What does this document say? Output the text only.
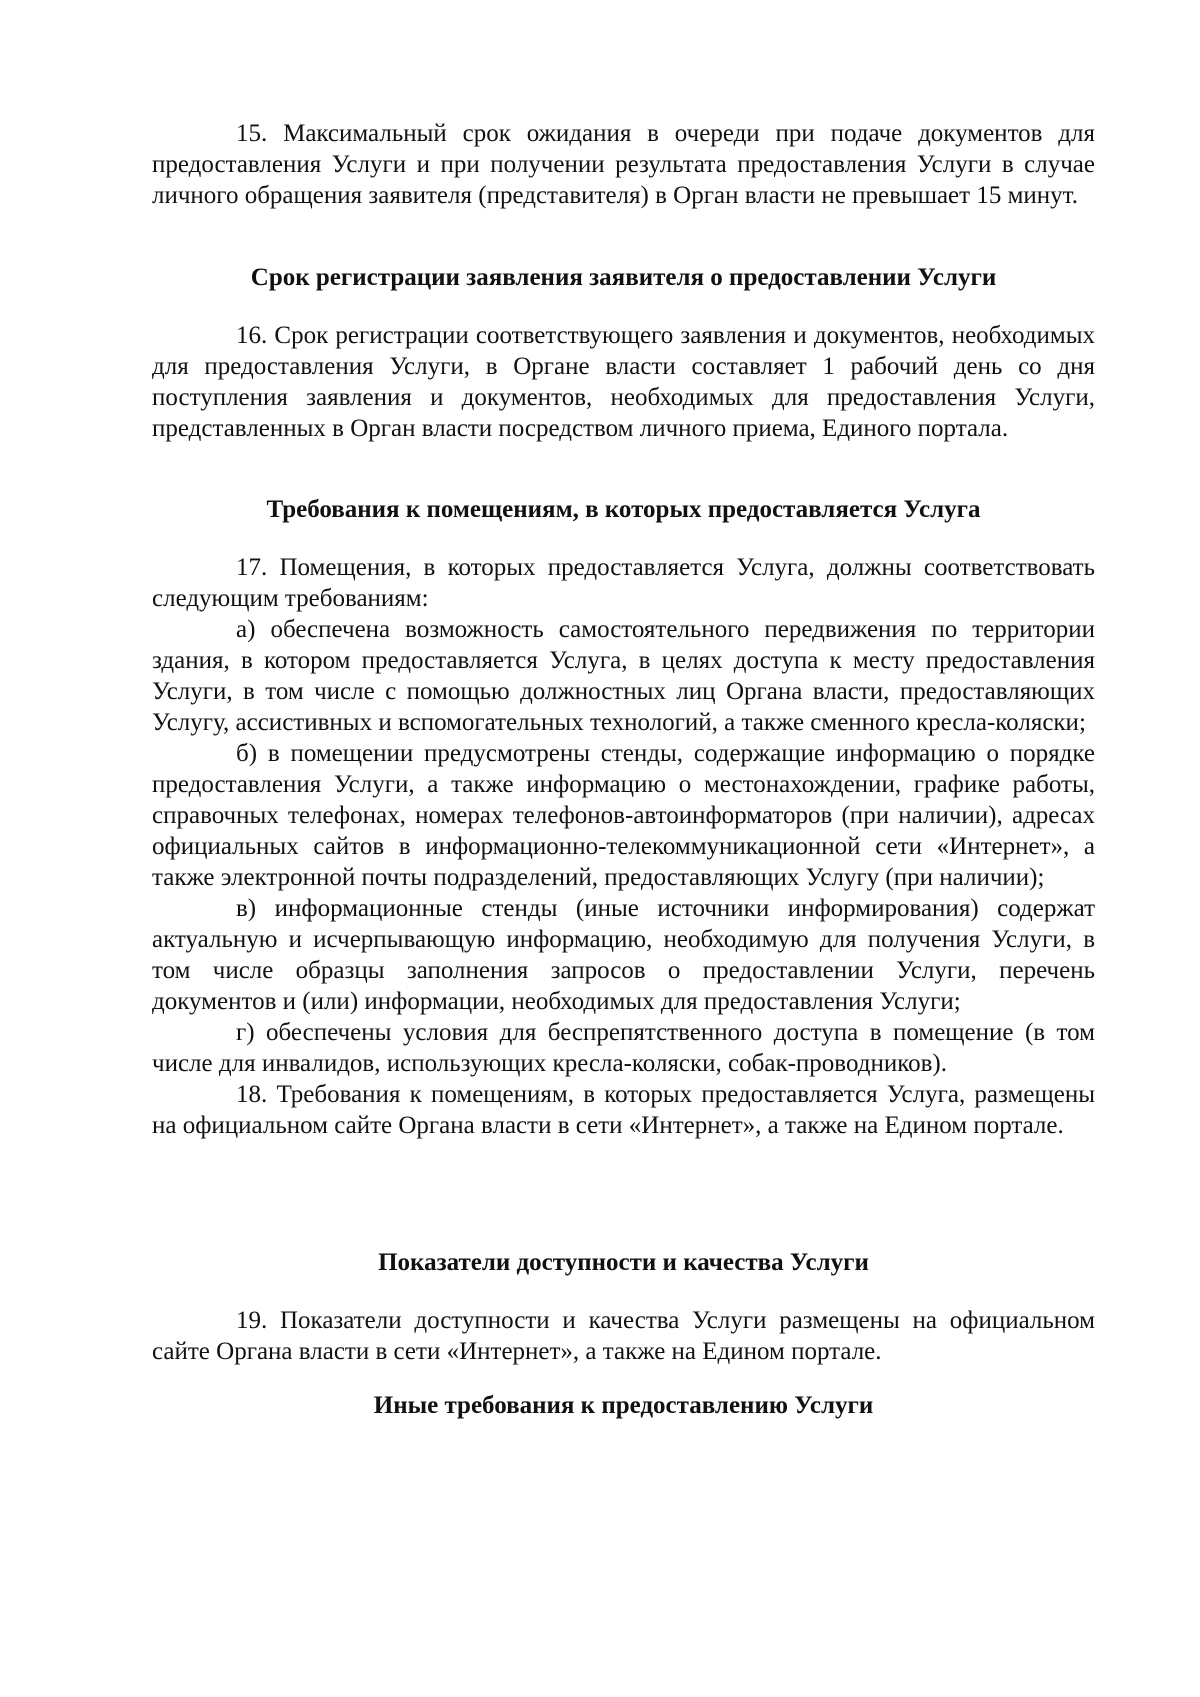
15. Максимальный срок ожидания в очереди при подаче документов для предоставления Услуги и при получении результата предоставления Услуги в случае личного обращения заявителя (представителя) в Орган власти не превышает 15 минут.

Срок регистрации заявления заявителя о предоставлении Услуги

16. Срок регистрации соответствующего заявления и документов, необходимых для предоставления Услуги, в Органе власти составляет 1 рабочий день со дня поступления заявления и документов, необходимых для предоставления Услуги, представленных в Орган власти посредством личного приема, Единого портала.

Требования к помещениям, в которых предоставляется Услуга

17. Помещения, в которых предоставляется Услуга, должны соответствовать следующим требованиям:

а) обеспечена возможность самостоятельного передвижения по территории здания, в котором предоставляется Услуга, в целях доступа к месту предоставления Услуги, в том числе с помощью должностных лиц Органа власти, предоставляющих Услугу, ассистивных и вспомогательных технологий, а также сменного кресла-коляски;

б) в помещении предусмотрены стенды, содержащие информацию о порядке предоставления Услуги, а также информацию о местонахождении, графике работы, справочных телефонах, номерах телефонов-автоинформаторов (при наличии), адресах официальных сайтов в информационно-телекоммуникационной сети «Интернет», а также электронной почты подразделений, предоставляющих Услугу (при наличии);

в) информационные стенды (иные источники информирования) содержат актуальную и исчерпывающую информацию, необходимую для получения Услуги, в том числе образцы заполнения запросов о предоставлении Услуги, перечень документов и (или) информации, необходимых для предоставления Услуги;

г) обеспечены условия для беспрепятственного доступа в помещение (в том числе для инвалидов, использующих кресла-коляски, собак-проводников).

18. Требования к помещениям, в которых предоставляется Услуга, размещены на официальном сайте Органа власти в сети «Интернет», а также на Едином портале.

Показатели доступности и качества Услуги

19. Показатели доступности и качества Услуги размещены на официальном сайте Органа власти в сети «Интернет», а также на Едином портале.

Иные требования к предоставлению Услуги
